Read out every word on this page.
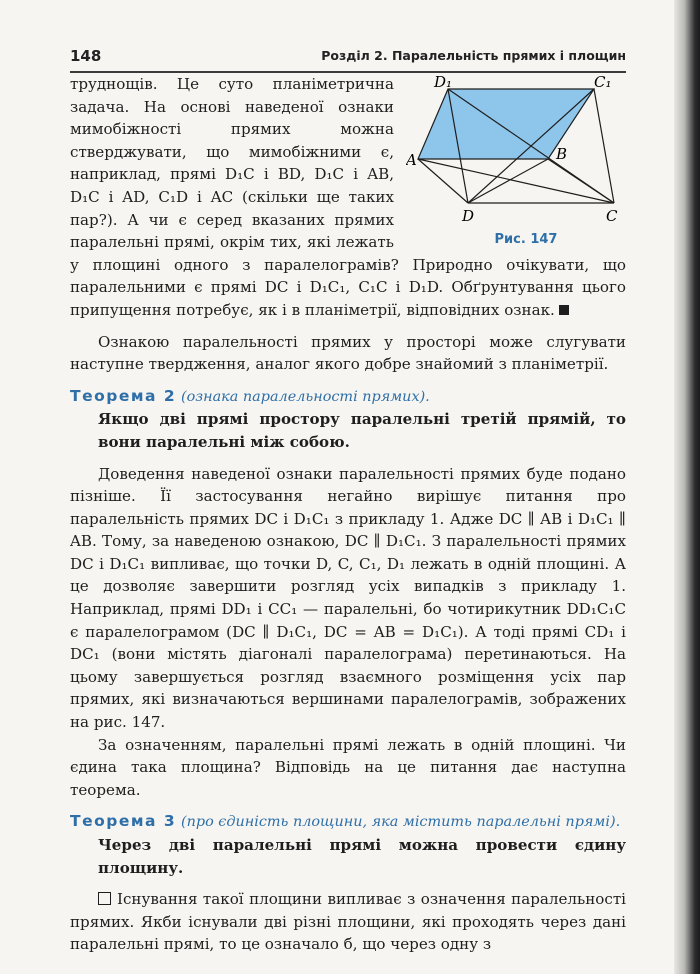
148	Розділ 2. Паралельність прямих і площин
D₁	C₁
A	B
D	C
Рис. 147

труднощів. Це суто планіметрична задача. На основі наведеної ознаки мимобіжності прямих можна стверджувати, що мимобіжними є, наприклад, прямі D₁C і BD, D₁C і AB, D₁C і AD, C₁D і AC (скільки ще таких пар?). А чи є серед вказаних прямих паралельні прямі, окрім тих, які лежать у площині одного з паралелограмів? Природно очікувати, що паралельними є прямі DC і D₁C₁, C₁C і D₁D. Обґрунтування цього припущення потребує, як і в планіметрії, відповідних ознак.

Ознакою паралельності прямих у просторі може слугувати наступне твердження, аналог якого добре знайомий з планіметрії.

Теорема 2 (ознака паралельності прямих).

Якщо дві прямі простору паралельні третій прямій, то вони паралельні між собою.

Доведення наведеної ознаки паралельності прямих буде подано пізніше. Її застосування негайно вирішує питання про паралельність прямих DC і D₁C₁ з прикладу 1. Адже DC ∥ AB і D₁C₁ ∥ AB. Тому, за наведеною ознакою, DC ∥ D₁C₁. З паралельності прямих DC і D₁C₁ випливає, що точки D, C, C₁, D₁ лежать в одній площині. А це дозволяє завершити розгляд усіх випадків з прикладу 1. Наприклад, прямі DD₁ і CC₁ — паралельні, бо чотирикутник DD₁C₁C є паралелограмом (DC ∥ D₁C₁, DC = AB = D₁C₁). А тоді прямі CD₁ і DC₁ (вони містять діагоналі паралелограма) перетинаються. На цьому завершується розгляд взаємного розміщення усіх пар прямих, які визначаються вершинами паралелограмів, зображених на рис. 147.

За означенням, паралельні прямі лежать в одній площині. Чи єдина така площина? Відповідь на це питання дає наступна теорема.

Теорема 3 (про єдиність площини, яка містить паралельні прямі).

Через дві паралельні прямі можна провести єдину площину.

Існування такої площини випливає з означення паралельності прямих. Якби існували дві різні площини, які проходять через дані паралельні прямі, то це означало б, що через одну з
